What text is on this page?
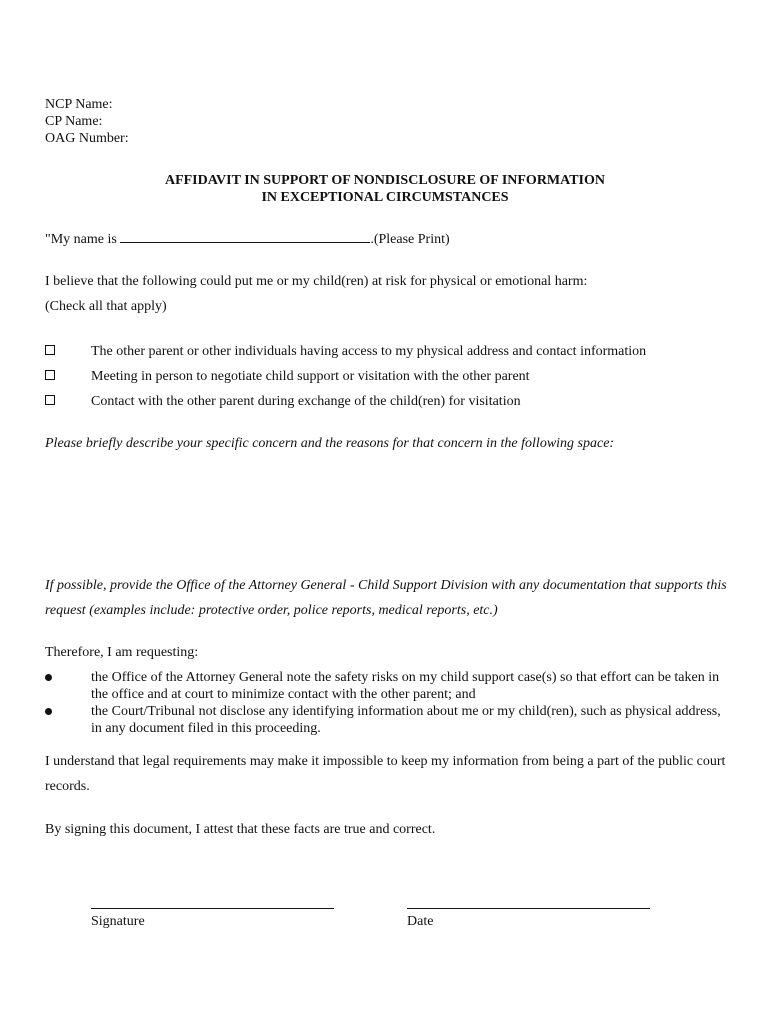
NCP Name:
CP Name:
OAG Number:
AFFIDAVIT IN SUPPORT OF NONDISCLOSURE OF INFORMATION
IN EXCEPTIONAL CIRCUMSTANCES
"My name is	.(Please Print)
I believe that the following could put me or my child(ren) at risk for physical or emotional harm:
(Check all that apply)
The other parent or other individuals having access to my physical address and contact information
Meeting in person to negotiate child support or visitation with the other parent
Contact with the other parent during exchange of the child(ren) for visitation
Please briefly describe your specific concern and the reasons for that concern in the following space:
If possible, provide the Office of the Attorney General - Child Support Division with any documentation that supports this
request (examples include: protective order, police reports, medical reports, etc.)
Therefore, I am requesting:
the Office of the Attorney General note the safety risks on my child support case(s) so that effort can be taken in
the office and at court to minimize contact with the other parent; and
the Court/Tribunal not disclose any identifying information about me or my child(ren), such as physical address,
in any document filed in this proceeding.
I understand that legal requirements may make it impossible to keep my information from being a part of the public court
records.
By signing this document, I attest that these facts are true and correct.
Signature	Date
